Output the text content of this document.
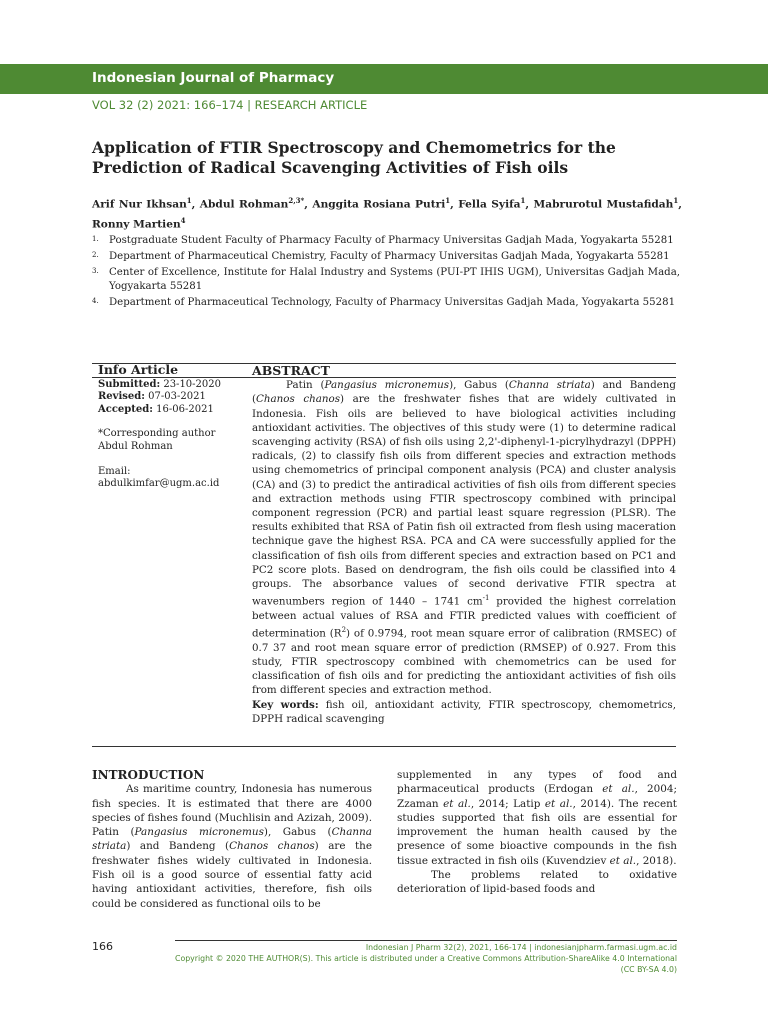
Indonesian Journal of Pharmacy
VOL 32 (2) 2021: 166–174 | RESEARCH ARTICLE
Application of FTIR Spectroscopy and Chemometrics for the Prediction of Radical Scavenging Activities of Fish oils
Arif Nur Ikhsan$^1$, Abdul Rohman$^{2,3*}$, Anggita Rosiana Putri$^1$, Fella Syifa$^1$, Mabrurotul Mustafidah$^1$, Ronny Martien$^4$
1. Postgraduate Student Faculty of Pharmacy Faculty of Pharmacy Universitas Gadjah Mada, Yogyakarta 55281
2. Department of Pharmaceutical Chemistry, Faculty of Pharmacy Universitas Gadjah Mada, Yogyakarta 55281
3. Center of Excellence, Institute for Halal Industry and Systems (PUI-PT IHIS UGM), Universitas Gadjah Mada, Yogyakarta 55281
4. Department of Pharmaceutical Technology, Faculty of Pharmacy Universitas Gadjah Mada, Yogyakarta 55281
Info Article
Submitted: 23-10-2020
Revised: 07-03-2021
Accepted: 16-06-2021
*Corresponding author
Abdul Rohman
Email:
abdulkimfar@ugm.ac.id
ABSTRACT

Patin (Pangasius micronemus), Gabus (Channa striata) and Bandeng (Chanos chanos) are the freshwater fishes that are widely cultivated in Indonesia. Fish oils are believed to have biological activities including antioxidant activities. The objectives of this study were (1) to determine radical scavenging activity (RSA) of fish oils using 2,2'-diphenyl-1-picrylhydrazyl (DPPH) radicals, (2) to classify fish oils from different species and extraction methods using chemometrics of principal component analysis (PCA) and cluster analysis (CA) and (3) to predict the antiradical activities of fish oils from different species and extraction methods using FTIR spectroscopy combined with principal component regression (PCR) and partial least square regression (PLSR). The results exhibited that RSA of Patin fish oil extracted from flesh using maceration technique gave the highest RSA. PCA and CA were successfully applied for the classification of fish oils from different species and extraction based on PC1 and PC2 score plots. Based on dendrogram, the fish oils could be classified into 4 groups. The absorbance values of second derivative FTIR spectra at wavenumbers region of 1440 – 1741 $cm^{-1}$ provided the highest correlation between actual values of RSA and FTIR predicted values with coefficient of determination $(R^2)$ of 0.9794, root mean square error of calibration (RMSEC) of 0.7 37 and root mean square error of prediction (RMSEP) of 0.927. From this study, FTIR spectroscopy combined with chemometrics can be used for classification of fish oils and for predicting the antioxidant activities of fish oils from different species and extraction method.

Key words: fish oil, antioxidant activity, FTIR spectroscopy, chemometrics, DPPH radical scavenging

INTRODUCTION

As maritime country, Indonesia has numerous fish species. It is estimated that there are 4000 species of fishes found (Muchlisin and Azizah, 2009). Patin (Pangasius micronemus), Gabus (Channa striata) and Bandeng (Chanos chanos) are the freshwater fishes widely cultivated in Indonesia. Fish oil is a good source of essential fatty acid having antioxidant activities, therefore, fish oils could be considered as functional oils to be

supplemented in any types of food and pharmaceutical products (Erdogan et al., 2004; Zzaman et al., 2014; Latip et al., 2014). The recent studies supported that fish oils are essential for improvement the human health caused by the presence of some bioactive compounds in the fish tissue extracted in fish oils (Kuvendziev et al., 2018).

The problems related to oxidative deterioration of lipid-based foods and

166	Indonesian J Pharm 32(2), 2021, 166-174 | indonesianjpharm.farmasi.ugm.ac.id
Copyright © 2020 THE AUTHOR(S). This article is distributed under a Creative Commons Attribution-ShareAlike 4.0 International (CC BY-SA 4.0)
